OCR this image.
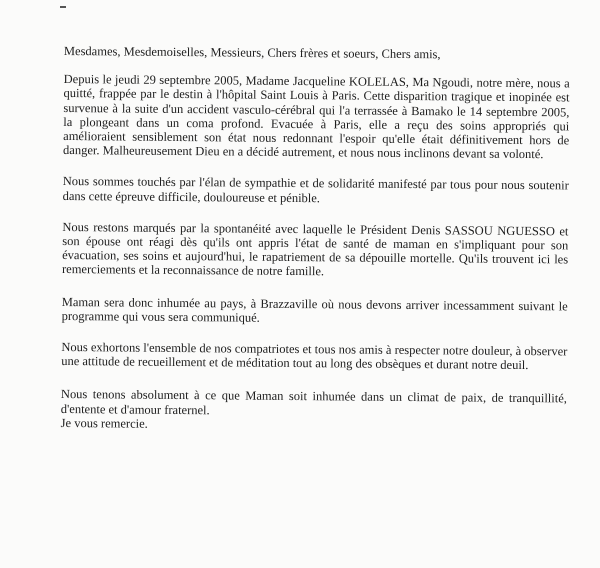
Mesdames, Mesdemoiselles, Messieurs, Chers frères et soeurs, Chers amis,

Depuis le jeudi 29 septembre 2005, Madame Jacqueline KOLELAS, Ma Ngoudi, notre mère, nous a quitté, frappée par le destin à l'hôpital Saint Louis à Paris. Cette disparition tragique et inopinée est survenue à la suite d'un accident vasculo-cérébral qui l'a terrassée à Bamako le 14 septembre 2005, la plongeant dans un coma profond. Evacuée à Paris, elle a reçu des soins appropriés qui amélioraient sensiblement son état nous redonnant l'espoir qu'elle était définitivement hors de danger. Malheureusement Dieu en a décidé autrement, et nous nous inclinons devant sa volonté.

Nous sommes touchés par l'élan de sympathie et de solidarité manifesté par tous pour nous soutenir dans cette épreuve difficile, douloureuse et pénible.

Nous restons marqués par la spontanéité avec laquelle le Président Denis SASSOU NGUESSO et son épouse ont réagi dès qu'ils ont appris l'état de santé de maman en s'impliquant pour son évacuation, ses soins et aujourd'hui, le rapatriement de sa dépouille mortelle. Qu'ils trouvent ici les remerciements et la reconnaissance de notre famille.

Maman sera donc inhumée au pays, à Brazzaville où nous devons arriver incessamment suivant le programme qui vous sera communiqué.

Nous exhortons l'ensemble de nos compatriotes et tous nos amis à respecter notre douleur, à observer une attitude de recueillement et de méditation tout au long des obsèques et durant notre deuil.

Nous tenons absolument à ce que Maman soit inhumée dans un climat de paix, de tranquillité, d'entente et d'amour fraternel.

Je vous remercie.
